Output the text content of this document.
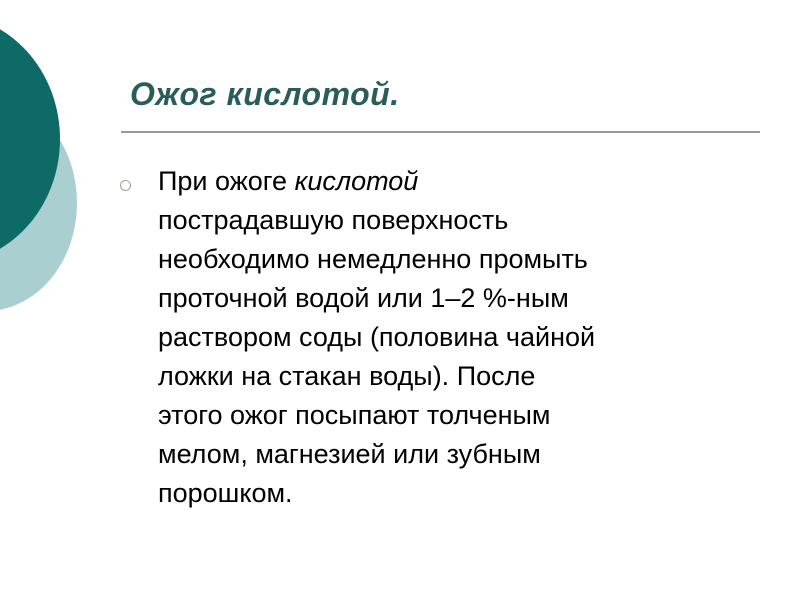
Ожог кислотой.

При ожоге кислотой
пострадавшую поверхность
необходимо немедленно промыть
проточной водой или 1–2 %-ным
раствором соды (половина чайной
ложки на стакан воды). После
этого ожог посыпают толченым
мелом, магнезией или зубным
порошком.
